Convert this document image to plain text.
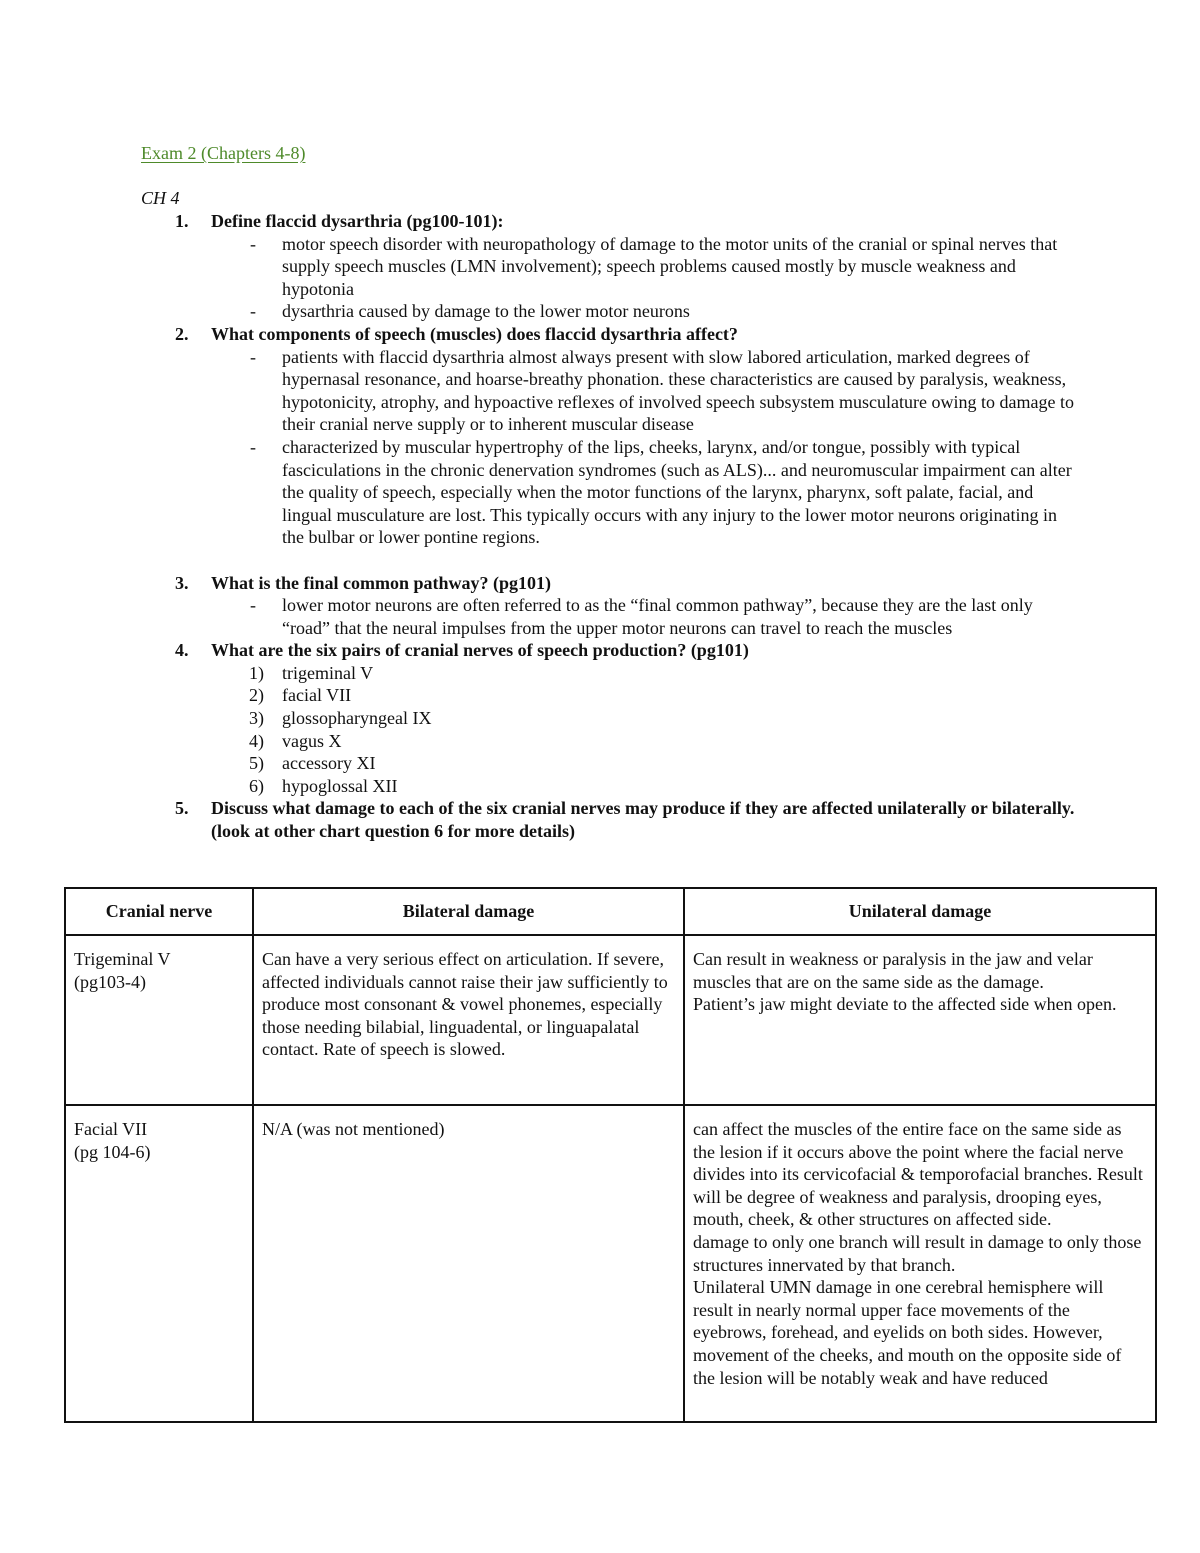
Exam 2 (Chapters 4-8)
CH 4
1. Define flaccid dysarthria (pg100-101):
- motor speech disorder with neuropathology of damage to the motor units of the cranial or spinal nerves that supply speech muscles (LMN involvement); speech problems caused mostly by muscle weakness and hypotonia
- dysarthria caused by damage to the lower motor neurons
2. What components of speech (muscles) does flaccid dysarthria affect?
- patients with flaccid dysarthria almost always present with slow labored articulation, marked degrees of hypernasal resonance, and hoarse-breathy phonation. these characteristics are caused by paralysis, weakness, hypotonicity, atrophy, and hypoactive reflexes of involved speech subsystem musculature owing to damage to their cranial nerve supply or to inherent muscular disease
- characterized by muscular hypertrophy of the lips, cheeks, larynx, and/or tongue, possibly with typical fasciculations in the chronic denervation syndromes (such as ALS)... and neuromuscular impairment can alter the quality of speech, especially when the motor functions of the larynx, pharynx, soft palate, facial, and lingual musculature are lost. This typically occurs with any injury to the lower motor neurons originating in the bulbar or lower pontine regions.
3. What is the final common pathway? (pg101)
- lower motor neurons are often referred to as the “final common pathway”, because they are the last only “road” that the neural impulses from the upper motor neurons can travel to reach the muscles
4. What are the six pairs of cranial nerves of speech production? (pg101)
1) trigeminal V
2) facial VII
3) glossopharyngeal IX
4) vagus X
5) accessory XI
6) hypoglossal XII
5. Discuss what damage to each of the six cranial nerves may produce if they are affected unilaterally or bilaterally. (look at other chart question 6 for more details)
Cranial nerve	Bilateral damage	Unilateral damage

Trigeminal V
(pg103-4)	Can have a very serious effect on articulation. If severe, affected individuals cannot raise their jaw sufficiently to produce most consonant & vowel phonemes, especially those needing bilabial, linguadental, or linguapalatal contact. Rate of speech is slowed.	Can result in weakness or paralysis in the jaw and velar muscles that are on the same side as the damage.
Patient’s jaw might deviate to the affected side when open.

Facial VII
(pg 104-6)	N/A (was not mentioned)	can affect the muscles of the entire face on the same side as the lesion if it occurs above the point where the facial nerve divides into its cervicofacial & temporofacial branches. Result will be degree of weakness and paralysis, drooping eyes, mouth, cheek, & other structures on affected side.
damage to only one branch will result in damage to only those structures innervated by that branch.
Unilateral UMN damage in one cerebral hemisphere will result in nearly normal upper face movements of the eyebrows, forehead, and eyelids on both sides. However, movement of the cheeks, and mouth on the opposite side of the lesion will be notably weak and have reduced
